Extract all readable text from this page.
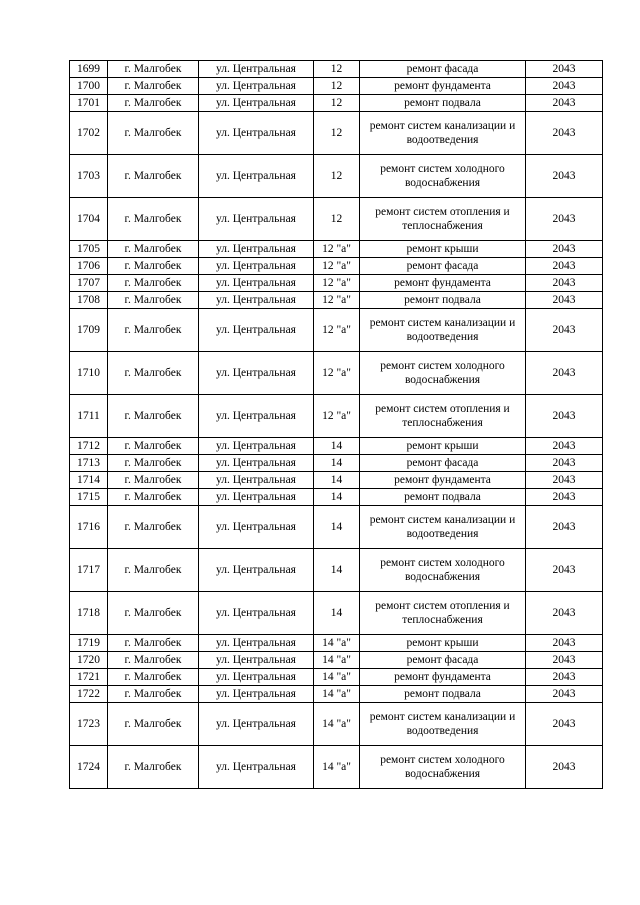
1699	г. Малгобек	ул. Центральная	12	ремонт фасада	2043
1700	г. Малгобек	ул. Центральная	12	ремонт фундамента	2043
1701	г. Малгобек	ул. Центральная	12	ремонт подвала	2043
1702	г. Малгобек	ул. Центральная	12	ремонт систем канализации и водоотведения	2043
1703	г. Малгобек	ул. Центральная	12	ремонт систем холодного водоснабжения	2043
1704	г. Малгобек	ул. Центральная	12	ремонт систем отопления и теплоснабжения	2043
1705	г. Малгобек	ул. Центральная	12 "а"	ремонт крыши	2043
1706	г. Малгобек	ул. Центральная	12 "а"	ремонт фасада	2043
1707	г. Малгобек	ул. Центральная	12 "а"	ремонт фундамента	2043
1708	г. Малгобек	ул. Центральная	12 "а"	ремонт подвала	2043
1709	г. Малгобек	ул. Центральная	12 "а"	ремонт систем канализации и водоотведения	2043
1710	г. Малгобек	ул. Центральная	12 "а"	ремонт систем холодного водоснабжения	2043
1711	г. Малгобек	ул. Центральная	12 "а"	ремонт систем отопления и теплоснабжения	2043
1712	г. Малгобек	ул. Центральная	14	ремонт крыши	2043
1713	г. Малгобек	ул. Центральная	14	ремонт фасада	2043
1714	г. Малгобек	ул. Центральная	14	ремонт фундамента	2043
1715	г. Малгобек	ул. Центральная	14	ремонт подвала	2043
1716	г. Малгобек	ул. Центральная	14	ремонт систем канализации и водоотведения	2043
1717	г. Малгобек	ул. Центральная	14	ремонт систем холодного водоснабжения	2043
1718	г. Малгобек	ул. Центральная	14	ремонт систем отопления и теплоснабжения	2043
1719	г. Малгобек	ул. Центральная	14 "а"	ремонт крыши	2043
1720	г. Малгобек	ул. Центральная	14 "а"	ремонт фасада	2043
1721	г. Малгобек	ул. Центральная	14 "а"	ремонт фундамента	2043
1722	г. Малгобек	ул. Центральная	14 "а"	ремонт подвала	2043
1723	г. Малгобек	ул. Центральная	14 "а"	ремонт систем канализации и водоотведения	2043
1724	г. Малгобек	ул. Центральная	14 "а"	ремонт систем холодного водоснабжения	2043
